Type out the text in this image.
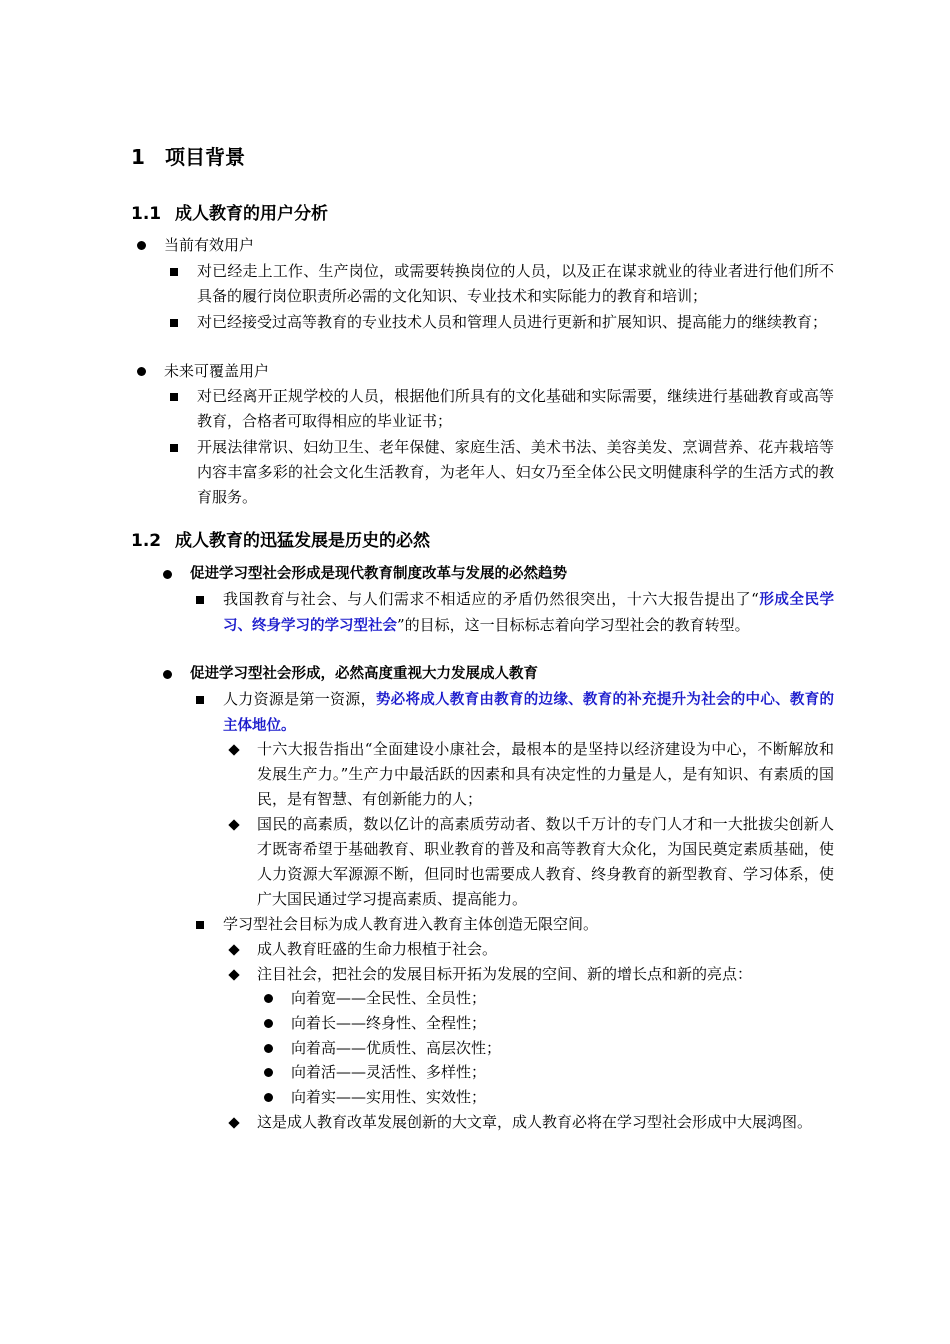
1 项目背景
1.1 成人教育的用户分析
当前有效用户
对已经走上工作、生产岗位，或需要转换岗位的人员，以及正在谋求就业的待业者进行他们所不具备的履行岗位职责所必需的文化知识、专业技术和实际能力的教育和培训；
对已经接受过高等教育的专业技术人员和管理人员进行更新和扩展知识、提高能力的继续教育；
未来可覆盖用户
对已经离开正规学校的人员，根据他们所具有的文化基础和实际需要，继续进行基础教育或高等教育，合格者可取得相应的毕业证书；
开展法律常识、妇幼卫生、老年保健、家庭生活、美术书法、美容美发、烹调营养、花卉栽培等内容丰富多彩的社会文化生活教育，为老年人、妇女乃至全体公民文明健康科学的生活方式的教育服务。
1.2 成人教育的迅猛发展是历史的必然
促进学习型社会形成是现代教育制度改革与发展的必然趋势
我国教育与社会、与人们需求不相适应的矛盾仍然很突出，十六大报告提出了“形成全民学习、终身学习的学习型社会”的目标，这一目标标志着向学习型社会的教育转型。
促进学习型社会形成，必然高度重视大力发展成人教育
人力资源是第一资源，势必将成人教育由教育的边缘、教育的补充提升为社会的中心、教育的主体地位。
十六大报告指出“全面建设小康社会，最根本的是坚持以经济建设为中心，不断解放和发展生产力。”生产力中最活跃的因素和具有决定性的力量是人，是有知识、有素质的国民，是有智慧、有创新能力的人；
国民的高素质，数以亿计的高素质劳动者、数以千万计的专门人才和一大批拔尖创新人才既寄希望于基础教育、职业教育的普及和高等教育大众化，为国民奠定素质基础，使人力资源大军源源不断，但同时也需要成人教育、终身教育的新型教育、学习体系，使广大国民通过学习提高素质、提高能力。
学习型社会目标为成人教育进入教育主体创造无限空间。
成人教育旺盛的生命力根植于社会。
注目社会，把社会的发展目标开拓为发展的空间、新的增长点和新的亮点：
向着宽——全民性、全员性；
向着长——终身性、全程性；
向着高——优质性、高层次性；
向着活——灵活性、多样性；
向着实——实用性、实效性；
这是成人教育改革发展创新的大文章，成人教育必将在学习型社会形成中大展鸿图。
